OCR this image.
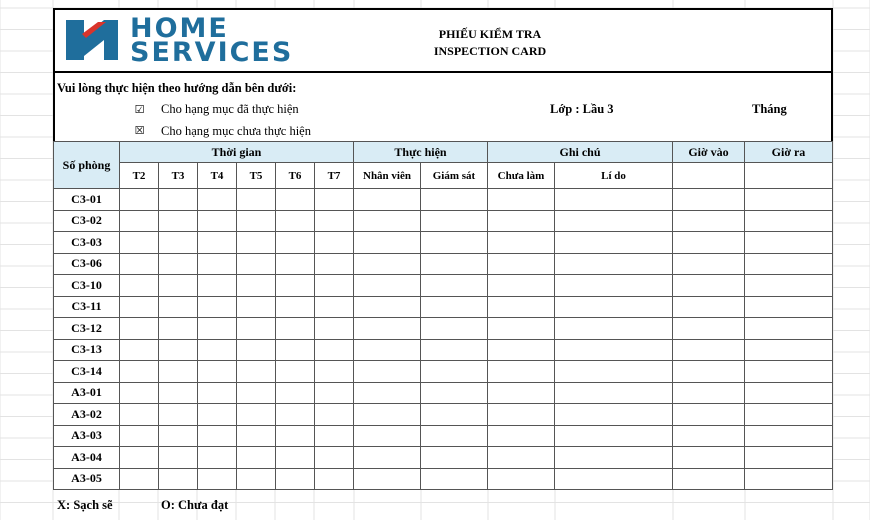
HOME
SERVICES
PHIẾU KIỂM TRA
INSPECTION CARD
Vui lòng thực hiện theo hướng dẫn bên dưới:
☑ Cho hạng mục đã thực hiện
☒ Cho hạng mục chưa thực hiện
Lớp : Lầu 3	Tháng
Số phòng	Thời gian						Thực hiện		Ghi chú		Giờ vào	Giờ ra
	T2	T3	T4	T5	T6	T7	Nhân viên	Giám sát	Chưa làm	Lí do		
C3-01												
C3-02												
C3-03												
C3-06												
C3-10												
C3-11												
C3-12												
C3-13												
C3-14												
A3-01												
A3-02												
A3-03												
A3-04												
A3-05												
X: Sạch sẽ	O: Chưa đạt
